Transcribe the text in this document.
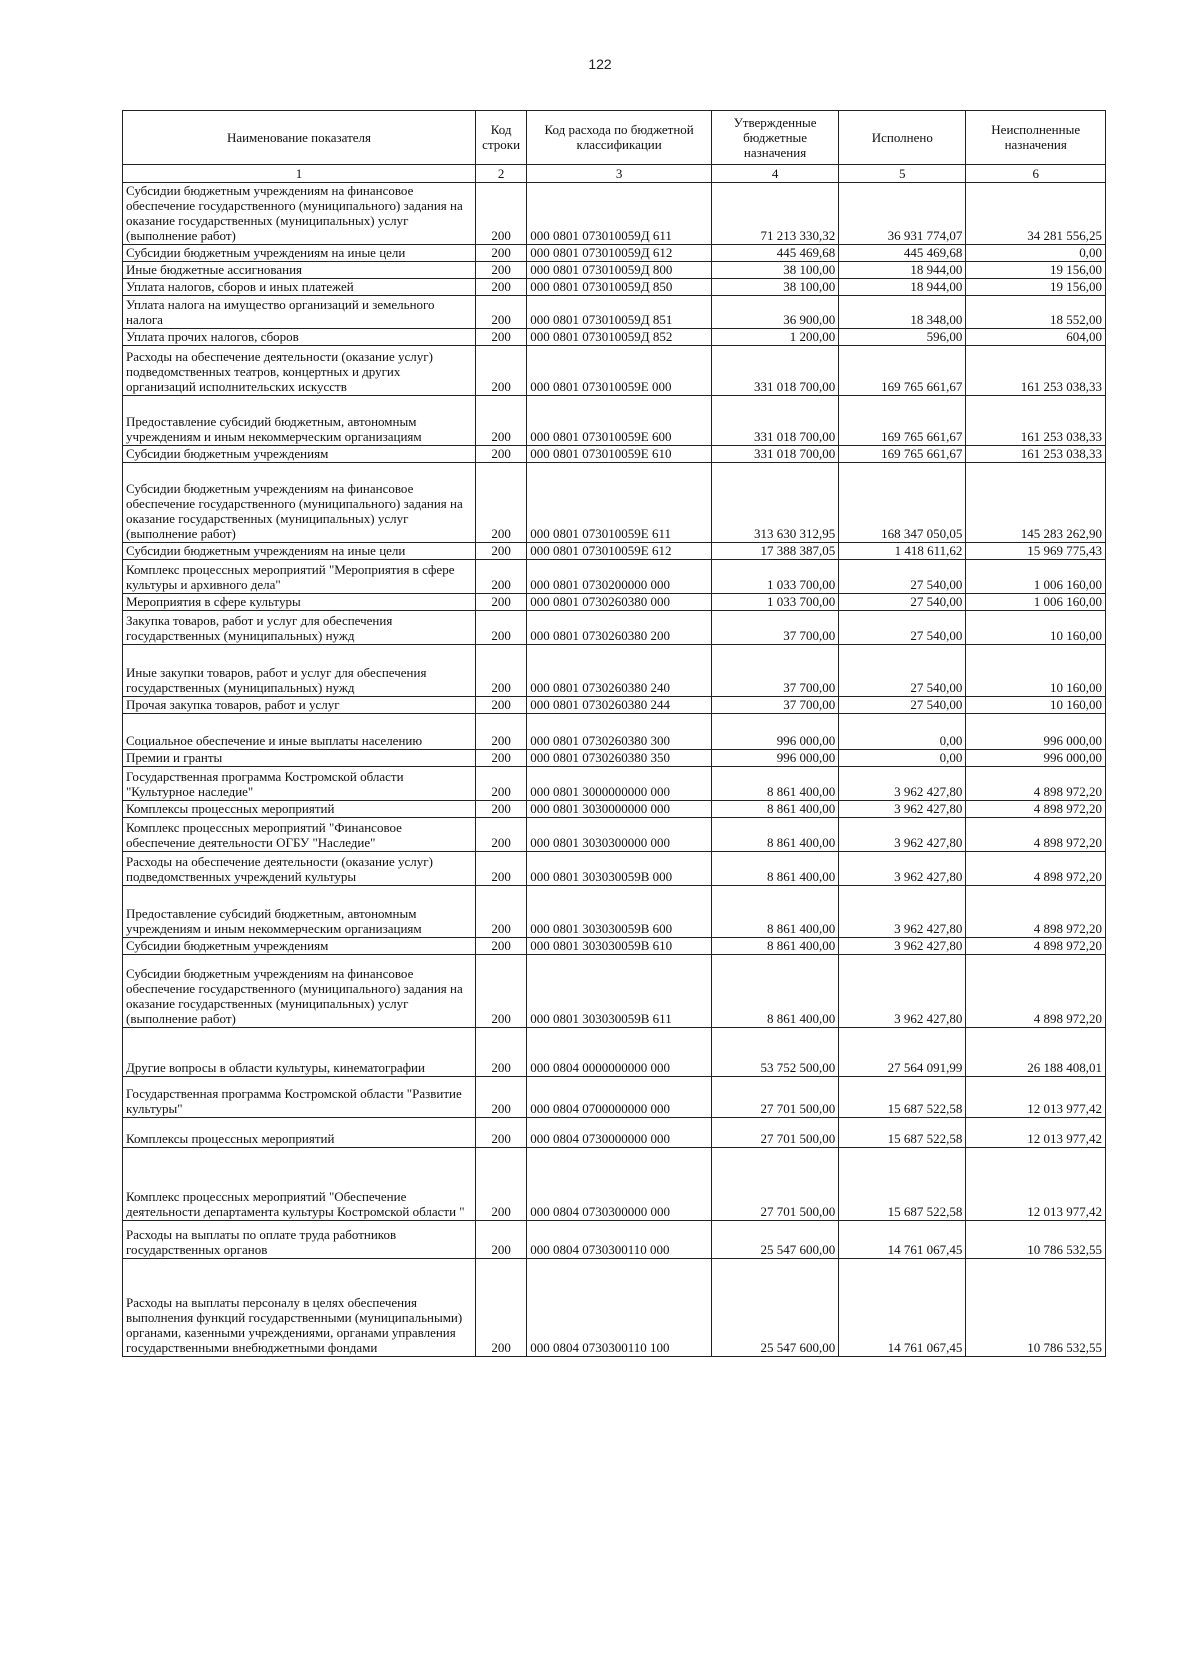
122
Наименование показателя	Код строки	Код расхода по бюджетной классификации	Утвержденные бюджетные назначения	Исполнено	Неисполненные назначения
1	2	3	4	5	6
Субсидии бюджетным учреждениям на финансовое обеспечение государственного (муниципального) задания на оказание государственных (муниципальных) услуг (выполнение работ)	200	000 0801 073010059Д 611	71 213 330,32	36 931 774,07	34 281 556,25
Субсидии бюджетным учреждениям на иные цели	200	000 0801 073010059Д 612	445 469,68	445 469,68	0,00
Иные бюджетные ассигнования	200	000 0801 073010059Д 800	38 100,00	18 944,00	19 156,00
Уплата налогов, сборов и иных платежей	200	000 0801 073010059Д 850	38 100,00	18 944,00	19 156,00
Уплата налога на имущество организаций и земельного налога	200	000 0801 073010059Д 851	36 900,00	18 348,00	18 552,00
Уплата прочих налогов, сборов	200	000 0801 073010059Д 852	1 200,00	596,00	604,00
Расходы на обеспечение деятельности (оказание услуг) подведомственных театров, концертных и других организаций исполнительских искусств	200	000 0801 073010059Е 000	331 018 700,00	169 765 661,67	161 253 038,33
Предоставление субсидий бюджетным, автономным учреждениям и иным некоммерческим организациям	200	000 0801 073010059Е 600	331 018 700,00	169 765 661,67	161 253 038,33
Субсидии бюджетным учреждениям	200	000 0801 073010059Е 610	331 018 700,00	169 765 661,67	161 253 038,33
Субсидии бюджетным учреждениям на финансовое обеспечение государственного (муниципального) задания на оказание государственных (муниципальных) услуг (выполнение работ)	200	000 0801 073010059Е 611	313 630 312,95	168 347 050,05	145 283 262,90
Субсидии бюджетным учреждениям на иные цели	200	000 0801 073010059Е 612	17 388 387,05	1 418 611,62	15 969 775,43
Комплекс процессных мероприятий "Мероприятия в сфере культуры и архивного дела"	200	000 0801 0730200000 000	1 033 700,00	27 540,00	1 006 160,00
Мероприятия в сфере культуры	200	000 0801 0730260380 000	1 033 700,00	27 540,00	1 006 160,00
Закупка товаров, работ и услуг для обеспечения государственных (муниципальных) нужд	200	000 0801 0730260380 200	37 700,00	27 540,00	10 160,00
Иные закупки товаров, работ и услуг для обеспечения государственных (муниципальных) нужд	200	000 0801 0730260380 240	37 700,00	27 540,00	10 160,00
Прочая закупка товаров, работ и услуг	200	000 0801 0730260380 244	37 700,00	27 540,00	10 160,00
Социальное обеспечение и иные выплаты населению	200	000 0801 0730260380 300	996 000,00	0,00	996 000,00
Премии и гранты	200	000 0801 0730260380 350	996 000,00	0,00	996 000,00
Государственная программа Костромской области "Культурное наследие"	200	000 0801 3000000000 000	8 861 400,00	3 962 427,80	4 898 972,20
Комплексы процессных мероприятий	200	000 0801 3030000000 000	8 861 400,00	3 962 427,80	4 898 972,20
Комплекс процессных мероприятий "Финансовое обеспечение деятельности ОГБУ "Наследие"	200	000 0801 3030300000 000	8 861 400,00	3 962 427,80	4 898 972,20
Расходы на обеспечение деятельности (оказание услуг) подведомственных учреждений культуры	200	000 0801 303030059В 000	8 861 400,00	3 962 427,80	4 898 972,20
Предоставление субсидий бюджетным, автономным учреждениям и иным некоммерческим организациям	200	000 0801 303030059В 600	8 861 400,00	3 962 427,80	4 898 972,20
Субсидии бюджетным учреждениям	200	000 0801 303030059В 610	8 861 400,00	3 962 427,80	4 898 972,20
Субсидии бюджетным учреждениям на финансовое обеспечение государственного (муниципального) задания на оказание государственных (муниципальных) услуг (выполнение работ)	200	000 0801 303030059В 611	8 861 400,00	3 962 427,80	4 898 972,20
Другие вопросы в области культуры, кинематографии	200	000 0804 0000000000 000	53 752 500,00	27 564 091,99	26 188 408,01
Государственная программа Костромской области "Развитие культуры"	200	000 0804 0700000000 000	27 701 500,00	15 687 522,58	12 013 977,42
Комплексы процессных мероприятий	200	000 0804 0730000000 000	27 701 500,00	15 687 522,58	12 013 977,42
Комплекс процессных мероприятий "Обеспечение деятельности департамента культуры Костромской области "	200	000 0804 0730300000 000	27 701 500,00	15 687 522,58	12 013 977,42
Расходы на выплаты по оплате труда работников государственных органов	200	000 0804 0730300110 000	25 547 600,00	14 761 067,45	10 786 532,55
Расходы на выплаты персоналу в целях обеспечения выполнения функций государственными (муниципальными) органами, казенными учреждениями, органами управления государственными внебюджетными фондами	200	000 0804 0730300110 100	25 547 600,00	14 761 067,45	10 786 532,55
